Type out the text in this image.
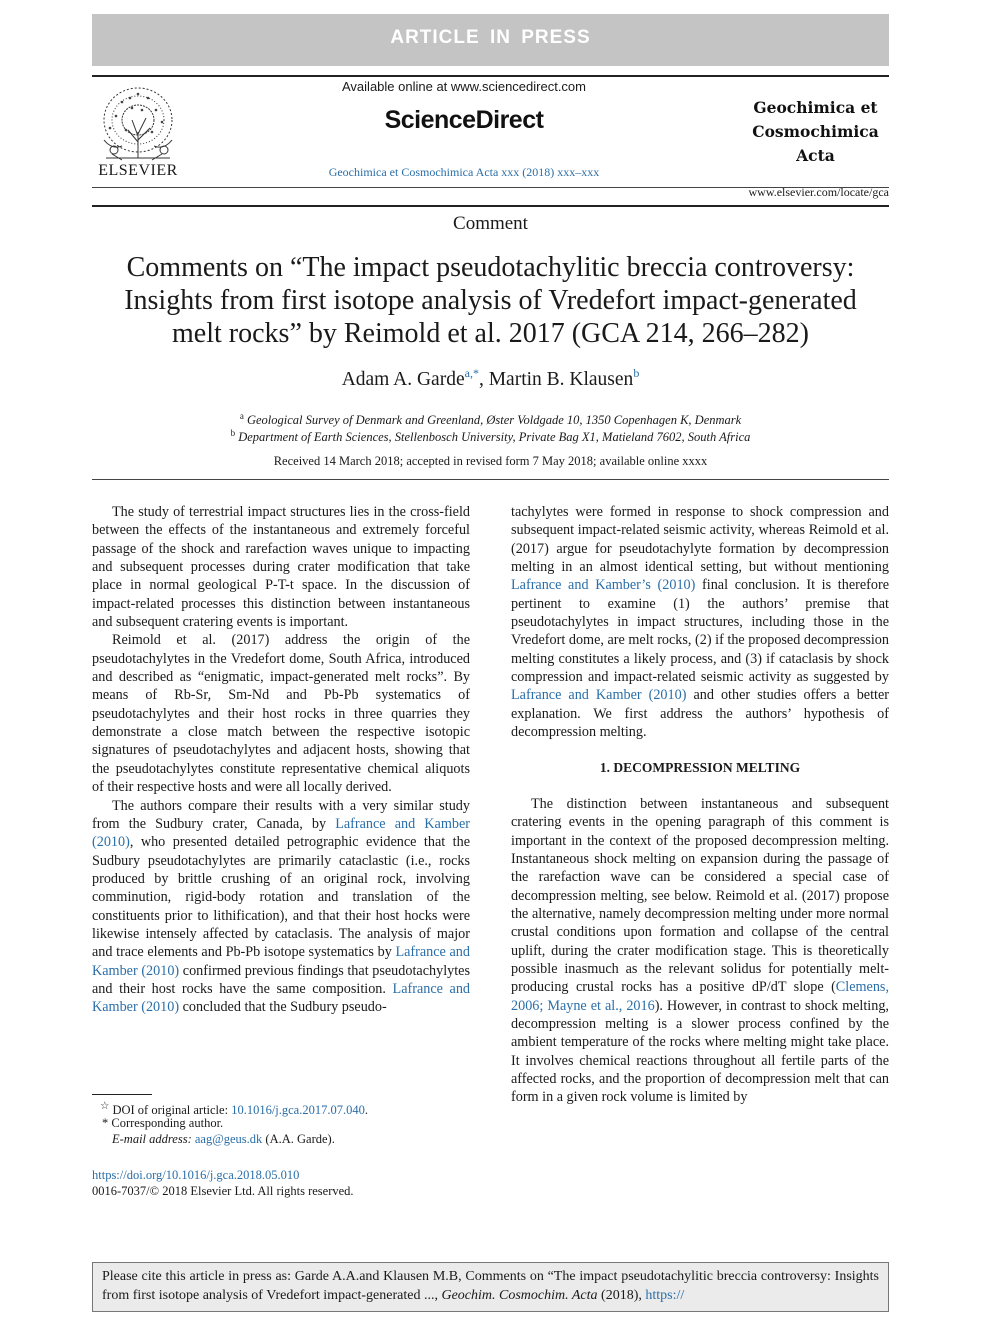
ARTICLE IN PRESS
ELSEVIER
Available online at www.sciencedirect.com
ScienceDirect
Geochimica et Cosmochimica Acta xxx (2018) xxx–xxx
Geochimica et
Cosmochimica
Acta
www.elsevier.com/locate/gca
Comment
Comments on “The impact pseudotachylitic breccia controversy:
Insights from first isotope analysis of Vredefort impact-generated
melt rocks” by Reimold et al. 2017 (GCA 214, 266–282)
Adam A. Garde$^{a,*}$, Martin B. Klausen$^b$
$^a$ Geological Survey of Denmark and Greenland, Øster Voldgade 10, 1350 Copenhagen K, Denmark
$^b$ Department of Earth Sciences, Stellenbosch University, Private Bag X1, Matieland 7602, South Africa
Received 14 March 2018; accepted in revised form 7 May 2018; available online xxxx

The study of terrestrial impact structures lies in the cross-field between the effects of the instantaneous and extremely forceful passage of the shock and rarefaction waves unique to impacting and subsequent processes during crater modification that take place in normal geological P-T-t space. In the discussion of impact-related processes this distinction between instantaneous and subsequent cratering events is important.

Reimold et al. (2017) address the origin of the pseudotachylytes in the Vredefort dome, South Africa, introduced and described as “enigmatic, impact-generated melt rocks”. By means of Rb-Sr, Sm-Nd and Pb-Pb systematics of pseudotachylytes and their host rocks in three quarries they demonstrate a close match between the respective isotopic signatures of pseudotachylytes and adjacent hosts, showing that the pseudotachylytes constitute representative chemical aliquots of their respective hosts and were all locally derived.

The authors compare their results with a very similar study from the Sudbury crater, Canada, by Lafrance and Kamber (2010), who presented detailed petrographic evidence that the Sudbury pseudotachylytes are primarily cataclastic (i.e., rocks produced by brittle crushing of an original rock, involving comminution, rigid-body rotation and translation of the constituents prior to lithification), and that their host hocks were likewise intensely affected by cataclasis. The analysis of major and trace elements and Pb-Pb isotope systematics by Lafrance and Kamber (2010) confirmed previous findings that pseudotachylytes and their host rocks have the same composition. Lafrance and Kamber (2010) concluded that the Sudbury pseudo-

tachylytes were formed in response to shock compression and subsequent impact-related seismic activity, whereas Reimold et al. (2017) argue for pseudotachylyte formation by decompression melting in an almost identical setting, but without mentioning Lafrance and Kamber’s (2010) final conclusion. It is therefore pertinent to examine (1) the authors’ premise that pseudotachylytes in impact structures, including those in the Vredefort dome, are melt rocks, (2) if the proposed decompression melting constitutes a likely process, and (3) if cataclasis by shock compression and impact-related seismic activity as suggested by Lafrance and Kamber (2010) and other studies offers a better explanation. We first address the authors’ hypothesis of decompression melting.

1. DECOMPRESSION MELTING

The distinction between instantaneous and subsequent cratering events in the opening paragraph of this comment is important in the context of the proposed decompression melting. Instantaneous shock melting on expansion during the passage of the rarefaction wave can be considered a special case of decompression melting, see below. Reimold et al. (2017) propose the alternative, namely decompression melting under more normal crustal conditions upon formation and collapse of the central uplift, during the crater modification stage. This is theoretically possible inasmuch as the relevant solidus for potentially melt-producing crustal rocks has a positive dP/dT slope (Clemens, 2006; Mayne et al., 2016). However, in contrast to shock melting, decompression melting is a slower process confined by the ambient temperature of the rocks where melting might take place. It involves chemical reactions throughout all fertile parts of the affected rocks, and the proportion of decompression melt that can form in a given rock volume is limited by

☆ DOI of original article: 10.1016/j.gca.2017.07.040.
* Corresponding author.
E-mail address: aag@geus.dk (A.A. Garde).
https://doi.org/10.1016/j.gca.2018.05.010
0016-7037/© 2018 Elsevier Ltd. All rights reserved.
Please cite this article in press as: Garde A.A.and Klausen M.B, Comments on “The impact pseudotachylitic breccia controversy: Insights from first isotope analysis of Vredefort impact-generated ..., Geochim. Cosmochim. Acta (2018), https://
